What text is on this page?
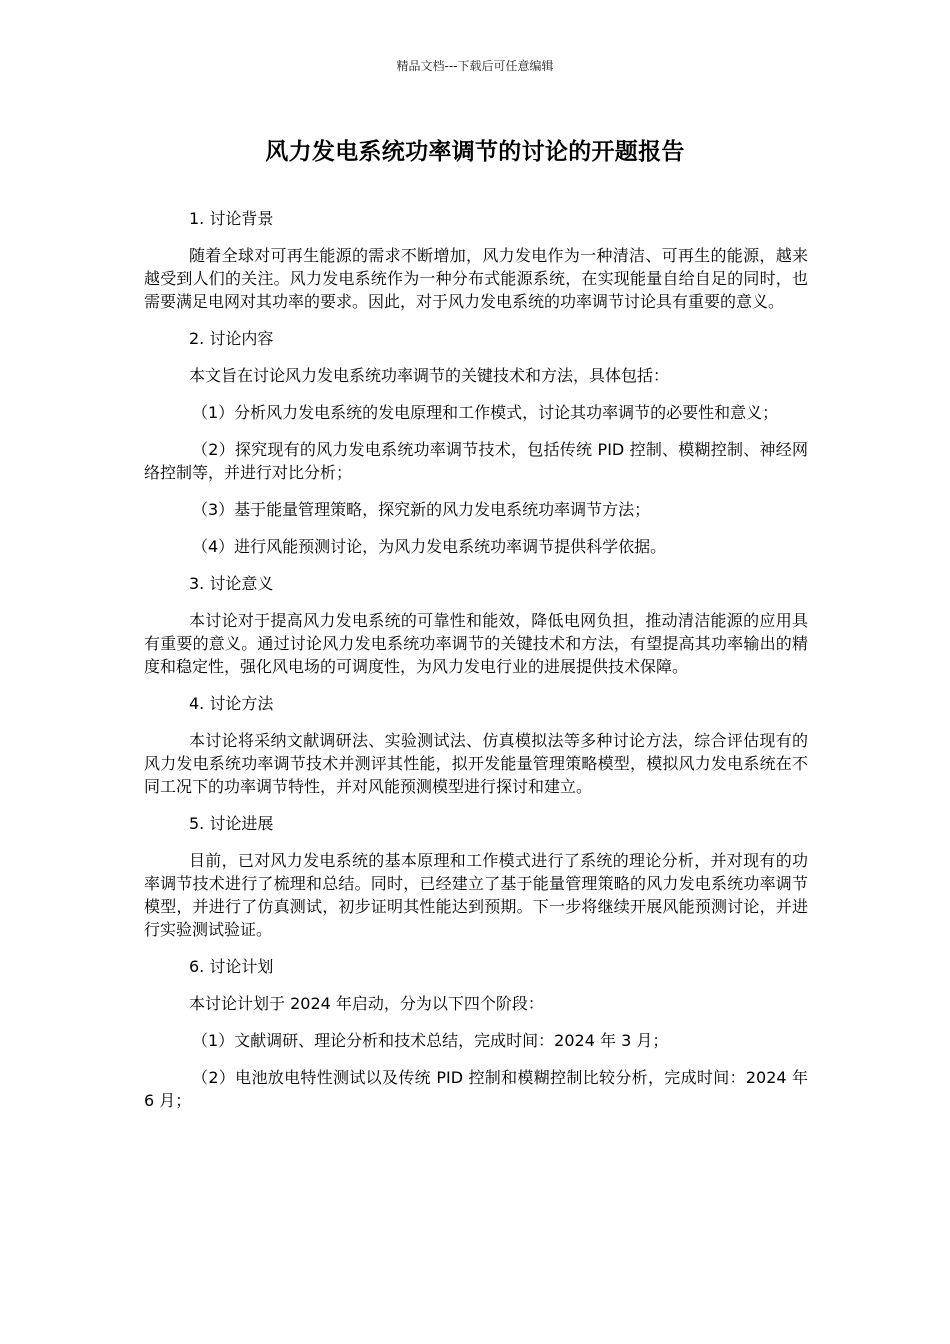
精品文档---下载后可任意编辑
风力发电系统功率调节的讨论的开题报告

1. 讨论背景

随着全球对可再生能源的需求不断增加，风力发电作为一种清洁、可再生的能源，越来越受到人们的关注。风力发电系统作为一种分布式能源系统，在实现能量自给自足的同时，也需要满足电网对其功率的要求。因此，对于风力发电系统的功率调节讨论具有重要的意义。

2. 讨论内容

本文旨在讨论风力发电系统功率调节的关键技术和方法，具体包括：

（1）分析风力发电系统的发电原理和工作模式，讨论其功率调节的必要性和意义；

（2）探究现有的风力发电系统功率调节技术，包括传统 PID 控制、模糊控制、神经网络控制等，并进行对比分析；

（3）基于能量管理策略，探究新的风力发电系统功率调节方法；

（4）进行风能预测讨论，为风力发电系统功率调节提供科学依据。

3. 讨论意义

本讨论对于提高风力发电系统的可靠性和能效，降低电网负担，推动清洁能源的应用具有重要的意义。通过讨论风力发电系统功率调节的关键技术和方法，有望提高其功率输出的精度和稳定性，强化风电场的可调度性，为风力发电行业的进展提供技术保障。

4. 讨论方法

本讨论将采纳文献调研法、实验测试法、仿真模拟法等多种讨论方法，综合评估现有的风力发电系统功率调节技术并测评其性能，拟开发能量管理策略模型，模拟风力发电系统在不同工况下的功率调节特性，并对风能预测模型进行探讨和建立。

5. 讨论进展

目前，已对风力发电系统的基本原理和工作模式进行了系统的理论分析，并对现有的功率调节技术进行了梳理和总结。同时，已经建立了基于能量管理策略的风力发电系统功率调节模型，并进行了仿真测试，初步证明其性能达到预期。下一步将继续开展风能预测讨论，并进行实验测试验证。

6. 讨论计划

本讨论计划于 2024 年启动，分为以下四个阶段：

（1）文献调研、理论分析和技术总结，完成时间：2024 年 3 月；

（2）电池放电特性测试以及传统 PID 控制和模糊控制比较分析，完成时间：2024 年 6 月；
